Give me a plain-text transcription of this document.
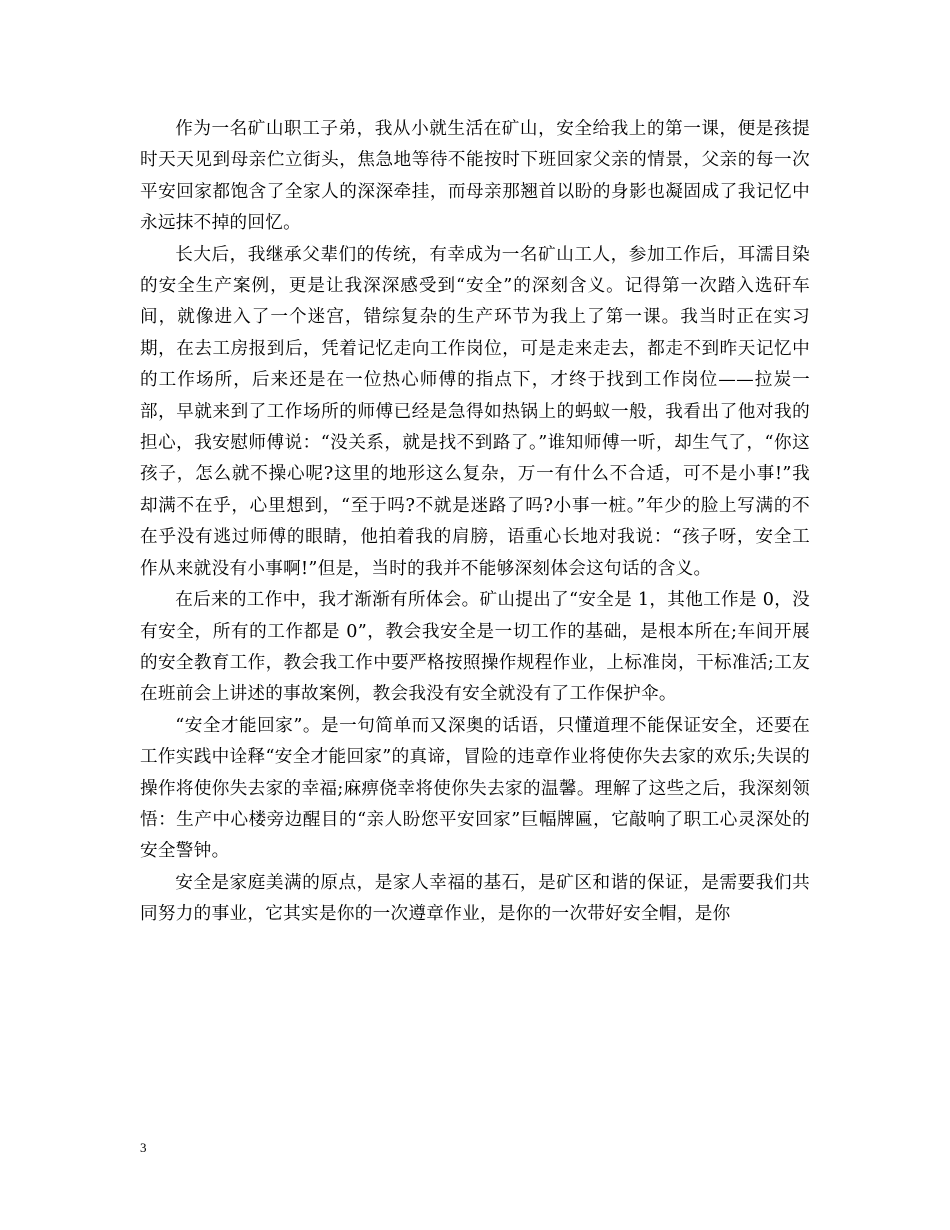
作为一名矿山职工子弟，我从小就生活在矿山，安全给我上的第一课，便是孩提时天天见到母亲伫立街头，焦急地等待不能按时下班回家父亲的情景，父亲的每一次平安回家都饱含了全家人的深深牵挂，而母亲那翘首以盼的身影也凝固成了我记忆中永远抹不掉的回忆。

长大后，我继承父辈们的传统，有幸成为一名矿山工人，参加工作后，耳濡目染的安全生产案例，更是让我深深感受到“安全”的深刻含义。记得第一次踏入选矸车间，就像进入了一个迷宫，错综复杂的生产环节为我上了第一课。我当时正在实习期，在去工房报到后，凭着记忆走向工作岗位，可是走来走去，都走不到昨天记忆中的工作场所，后来还是在一位热心师傅的指点下，才终于找到工作岗位——拉炭一部，早就来到了工作场所的师傅已经是急得如热锅上的蚂蚁一般，我看出了他对我的担心，我安慰师傅说：“没关系，就是找不到路了。”谁知师傅一听，却生气了，“你这孩子，怎么就不操心呢?这里的地形这么复杂，万一有什么不合适，可不是小事!”我却满不在乎，心里想到，“至于吗?不就是迷路了吗?小事一桩。”年少的脸上写满的不在乎没有逃过师傅的眼睛，他拍着我的肩膀，语重心长地对我说：“孩子呀，安全工作从来就没有小事啊!”但是，当时的我并不能够深刻体会这句话的含义。

在后来的工作中，我才渐渐有所体会。矿山提出了“安全是 1，其他工作是 0，没有安全，所有的工作都是 0”，教会我安全是一切工作的基础，是根本所在;车间开展的安全教育工作，教会我工作中要严格按照操作规程作业，上标准岗，干标准活;工友在班前会上讲述的事故案例，教会我没有安全就没有了工作保护伞。

“安全才能回家”。是一句简单而又深奥的话语，只懂道理不能保证安全，还要在工作实践中诠释“安全才能回家”的真谛，冒险的违章作业将使你失去家的欢乐;失误的操作将使你失去家的幸福;麻痹侥幸将使你失去家的温馨。理解了这些之后，我深刻领悟：生产中心楼旁边醒目的“亲人盼您平安回家”巨幅牌匾，它敲响了职工心灵深处的安全警钟。

安全是家庭美满的原点，是家人幸福的基石，是矿区和谐的保证，是需要我们共同努力的事业，它其实是你的一次遵章作业，是你的一次带好安全帽，是你

3
